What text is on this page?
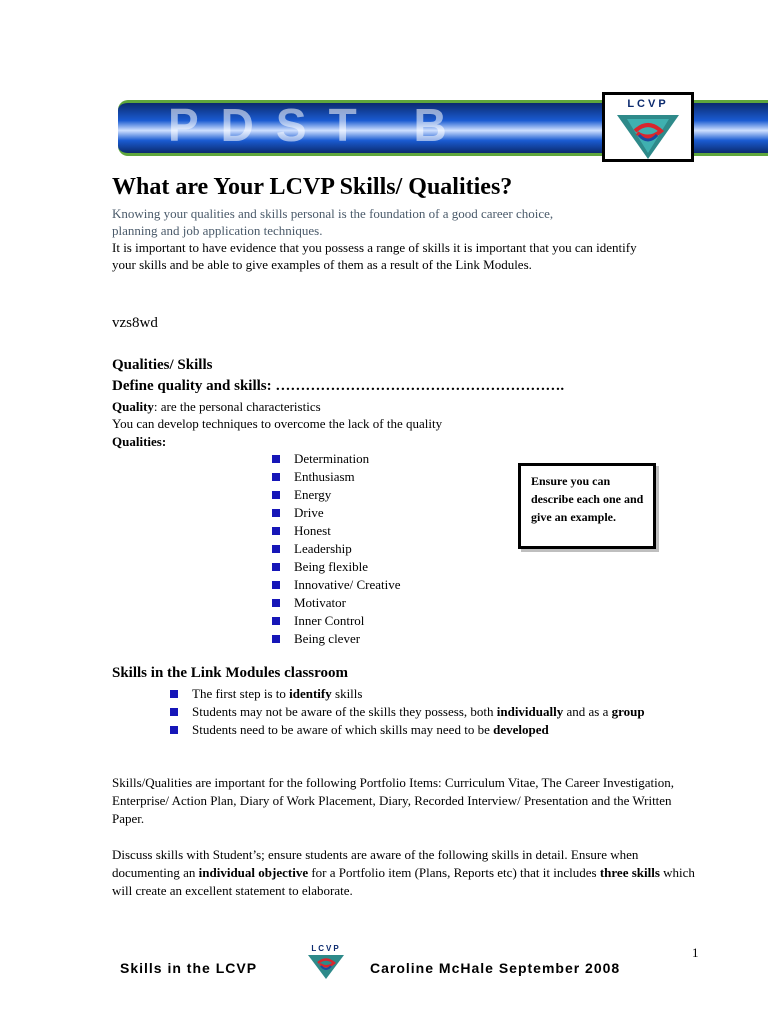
PDST B	LCVP
What are Your LCVP Skills/ Qualities?
Knowing your qualities and skills personal is the foundation of a good career choice, planning and job application techniques.
It is important to have evidence that you possess a range of skills it is important that you can identify your skills and be able to give examples of them as a result of the Link Modules.
vzs8wd
Qualities/ Skills
Define quality and skills: ………………………………………………….
Quality: are the personal characteristics
You can develop techniques to overcome the lack of the quality
Qualities:
Determination
Enthusiasm
Energy
Drive
Honest
Leadership
Being flexible
Innovative/ Creative
Motivator
Inner Control
Being clever
Ensure you can describe each one and give an example.
Skills in the Link Modules classroom
The first step is to identify skills
Students may not be aware of the skills they possess, both individually and as a group
Students need to be aware of which skills may need to be developed
Skills/Qualities are important for the following Portfolio Items: Curriculum Vitae, The Career Investigation, Enterprise/ Action Plan, Diary of Work Placement, Diary, Recorded Interview/ Presentation and the Written Paper.
Discuss skills with Student’s; ensure students are aware of the following skills in detail. Ensure when documenting an individual objective for a Portfolio item (Plans, Reports etc) that it includes three skills which will create an excellent statement to elaborate.
1
Skills in the LCVP
LCVP
Caroline McHale September 2008
